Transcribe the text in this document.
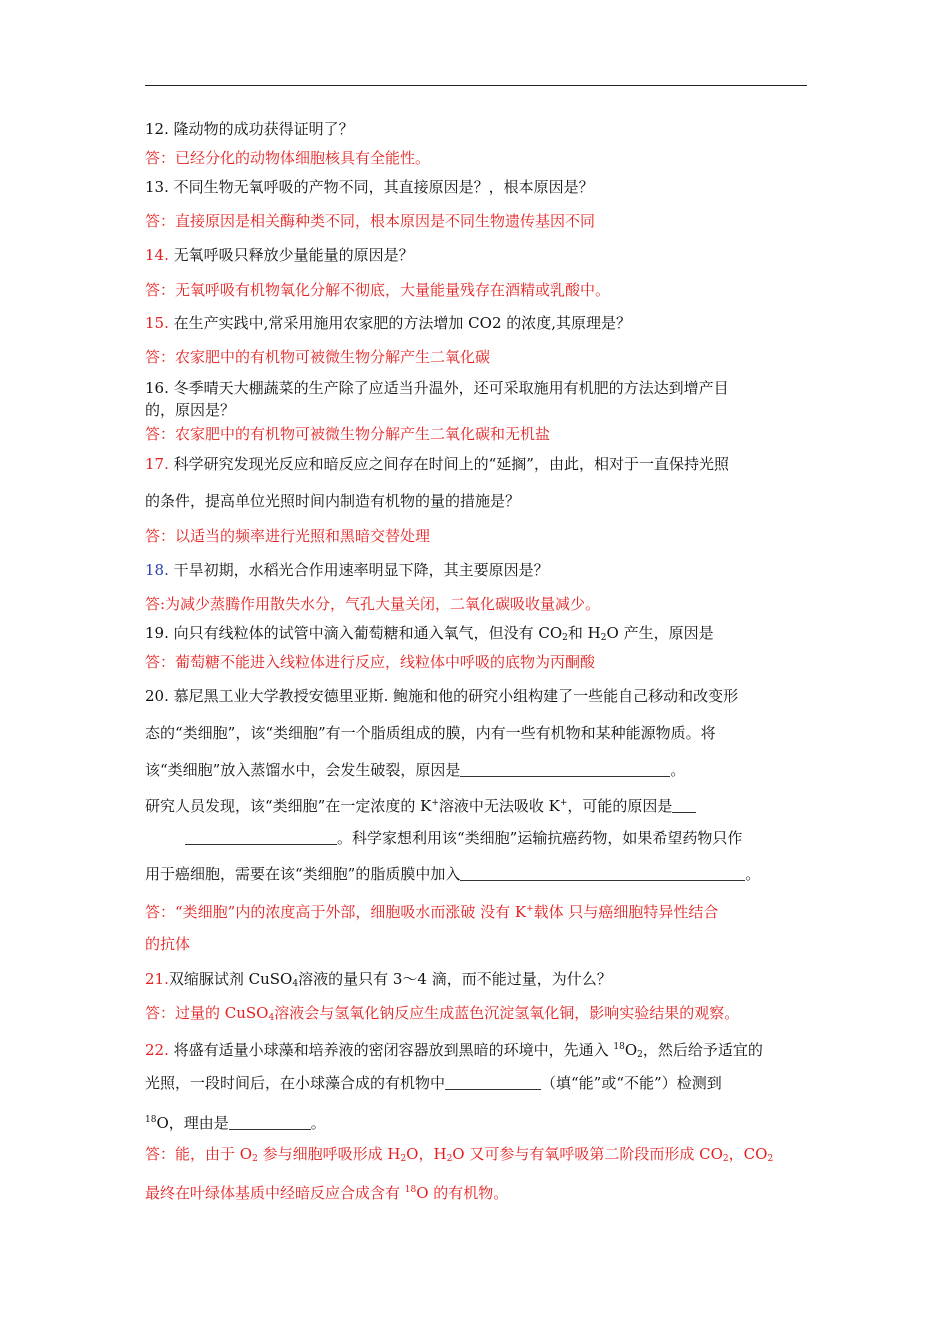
12. 隆动物的成功获得证明了？
答：已经分化的动物体细胞核具有全能性。
13. 不同生物无氧呼吸的产物不同，其直接原因是？，根本原因是？
答：直接原因是相关酶种类不同，根本原因是不同生物遗传基因不同
14. 无氧呼吸只释放少量能量的原因是？
答：无氧呼吸有机物氧化分解不彻底，大量能量残存在酒精或乳酸中。
15. 在生产实践中,常采用施用农家肥的方法增加 CO2 的浓度,其原理是？
答：农家肥中的有机物可被微生物分解产生二氧化碳
16. 冬季晴天大棚蔬菜的生产除了应适当升温外，还可采取施用有机肥的方法达到增产目
的，原因是？
答：农家肥中的有机物可被微生物分解产生二氧化碳和无机盐
17. 科学研究发现光反应和暗反应之间存在时间上的“延搁”，由此，相对于一直保持光照
的条件，提高单位光照时间内制造有机物的量的措施是？
答：以适当的频率进行光照和黑暗交替处理
18. 干旱初期，水稻光合作用速率明显下降，其主要原因是？
答:为减少蒸腾作用散失水分，气孔大量关闭，二氧化碳吸收量减少。
19. 向只有线粒体的试管中滴入葡萄糖和通入氧气，但没有 $CO_2$和 $H_2O$ 产生，原因是
答：葡萄糖不能进入线粒体进行反应，线粒体中呼吸的底物为丙酮酸
20. 慕尼黑工业大学教授安德里亚斯. 鲍施和他的研究小组构建了一些能自己移动和改变形
态的“类细胞”，该“类细胞”有一个脂质组成的膜，内有一些有机物和某种能源物质。将
该“类细胞”放入蒸馏水中，会发生破裂，原因是	。
研究人员发现，该“类细胞”在一定浓度的 K+溶液中无法吸收 K+，可能的原因是
。科学家想利用该“类细胞”运输抗癌药物，如果希望药物只作
用于癌细胞，需要在该“类细胞”的脂质膜中加入	。
答：“类细胞”内的浓度高于外部，细胞吸水而涨破 没有 K+载体 只与癌细胞特异性结合
的抗体
21.双缩脲试剂 CuSO$_4$溶液的量只有 3～4 滴，而不能过量，为什么？
答：过量的 CuSO$_4$溶液会与氢氧化钠反应生成蓝色沉淀氢氧化铜，影响实验结果的观察。
22. 将盛有适量小球藻和培养液的密闭容器放到黑暗的环境中，先通入 $^{18}O_2$，然后给予适宜的
光照，一段时间后，在小球藻合成的有机物中	（填“能”或“不能”）检测到
$^{18}$O，理由是	。
答：能，由于 $O_2$ 参与细胞呼吸形成 $H_2O$，$H_2O$ 又可参与有氧呼吸第二阶段而形成 $CO_2$，$CO_2$
最终在叶绿体基质中经暗反应合成含有 $^{18}$O 的有机物。
